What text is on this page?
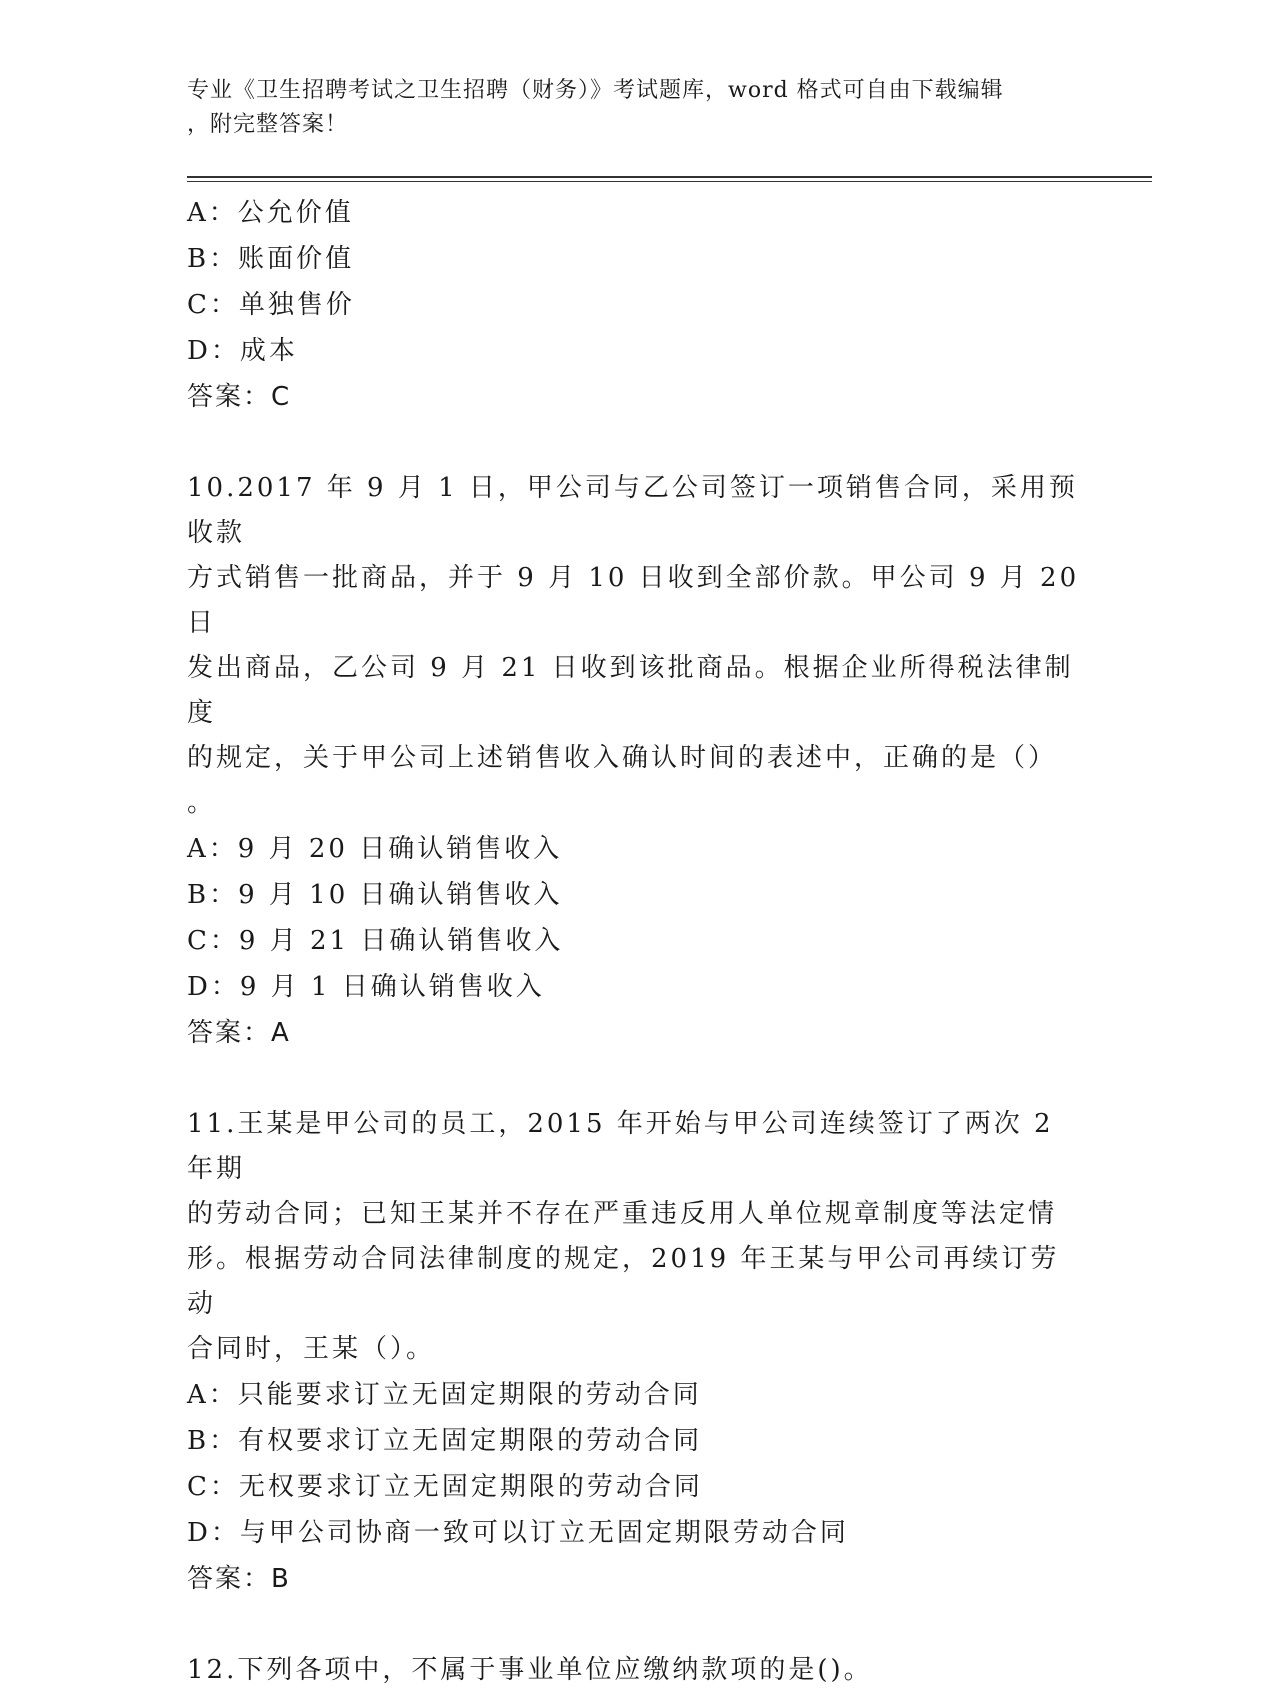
专业《卫生招聘考试之卫生招聘（财务）》考试题库，word 格式可自由下载编辑
，附完整答案！
A：公允价值
B：账面价值
C：单独售价
D：成本
答案：C
10.2017 年 9 月 1 日，甲公司与乙公司签订一项销售合同，采用预收款
方式销售一批商品，并于 9 月 10 日收到全部价款。甲公司 9 月 20 日
发出商品，乙公司 9 月 21 日收到该批商品。根据企业所得税法律制度
的规定，关于甲公司上述销售收入确认时间的表述中，正确的是（）
。
A：9 月 20 日确认销售收入
B：9 月 10 日确认销售收入
C：9 月 21 日确认销售收入
D：9 月 1 日确认销售收入
答案：A
11.王某是甲公司的员工，2015 年开始与甲公司连续签订了两次 2 年期
的劳动合同；已知王某并不存在严重违反用人单位规章制度等法定情
形。根据劳动合同法律制度的规定，2019 年王某与甲公司再续订劳动
合同时，王某（）。
A：只能要求订立无固定期限的劳动合同
B：有权要求订立无固定期限的劳动合同
C：无权要求订立无固定期限的劳动合同
D：与甲公司协商一致可以订立无固定期限劳动合同
答案：B
12.下列各项中，不属于事业单位应缴纳款项的是()。
